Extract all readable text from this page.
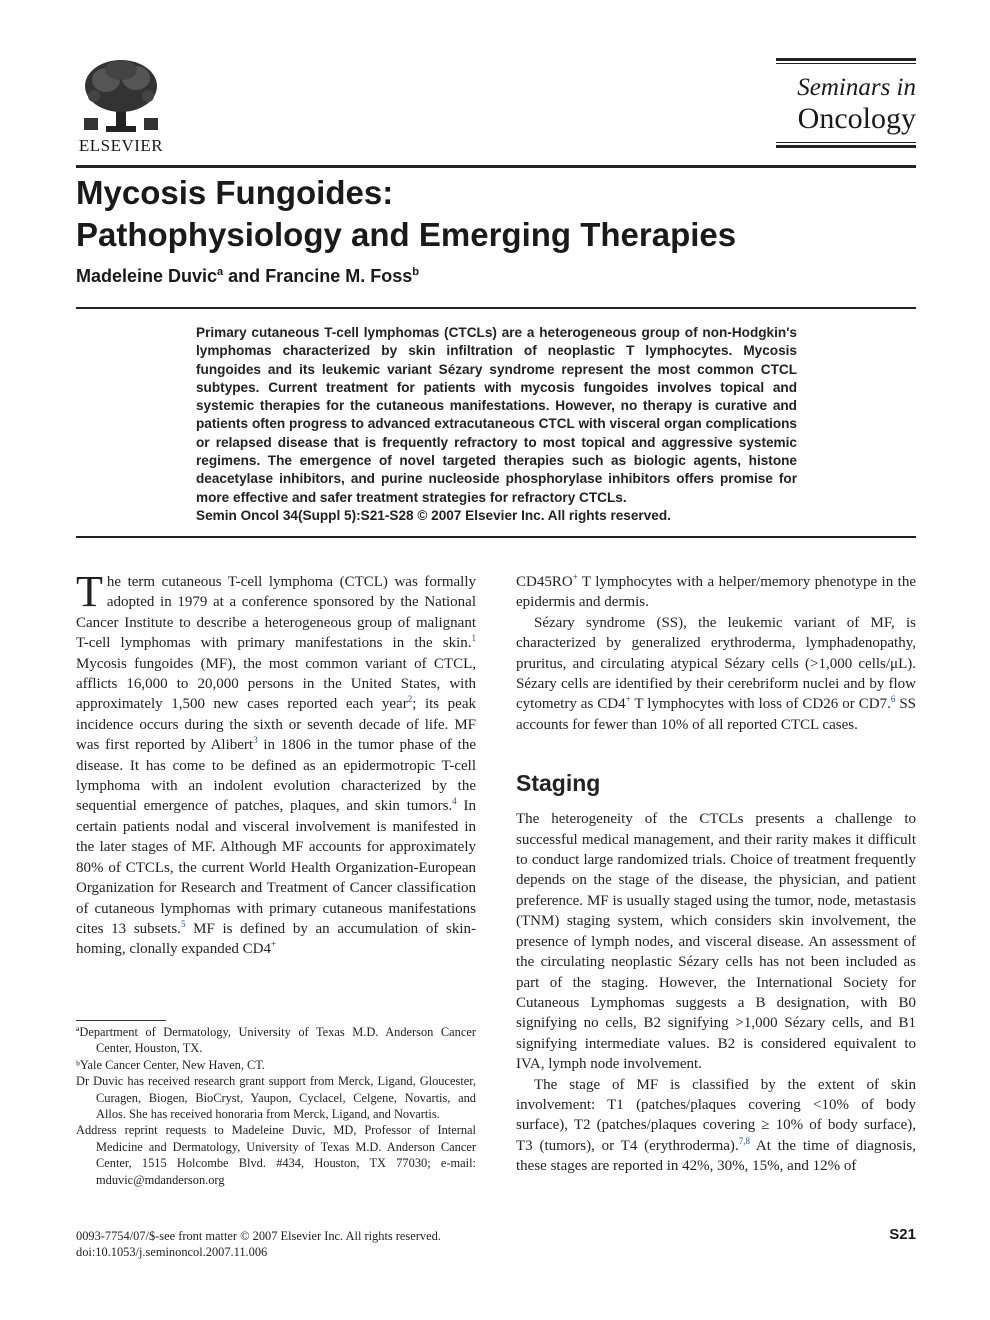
ELSEVIER
Seminars in
Oncology
Mycosis Fungoides:
Pathophysiology and Emerging Therapies
Madeleine Duvic$^a$ and Francine M. Foss$^b$
Primary cutaneous T-cell lymphomas (CTCLs) are a heterogeneous group of non-Hodgkin's lymphomas characterized by skin infiltration of neoplastic T lymphocytes. Mycosis fungoides and its leukemic variant Sézary syndrome represent the most common CTCL subtypes. Current treatment for patients with mycosis fungoides involves topical and systemic therapies for the cutaneous manifestations. However, no therapy is curative and patients often progress to advanced extracutaneous CTCL with visceral organ complications or relapsed disease that is frequently refractory to most topical and aggressive systemic regimens. The emergence of novel targeted therapies such as biologic agents, histone deacetylase inhibitors, and purine nucleoside phosphorylase inhibitors offers promise for more effective and safer treatment strategies for refractory CTCLs.
Semin Oncol 34(Suppl 5):S21-S28 © 2007 Elsevier Inc. All rights reserved.

The term cutaneous T-cell lymphoma (CTCL) was formally adopted in 1979 at a conference sponsored by the National Cancer Institute to describe a heterogeneous group of malignant T-cell lymphomas with primary manifestations in the skin.$^1$ Mycosis fungoides (MF), the most common variant of CTCL, afflicts 16,000 to 20,000 persons in the United States, with approximately 1,500 new cases reported each year$^2$; its peak incidence occurs during the sixth or seventh decade of life. MF was first reported by Alibert$^3$ in 1806 in the tumor phase of the disease. It has come to be defined as an epidermotropic T-cell lymphoma with an indolent evolution characterized by the sequential emergence of patches, plaques, and skin tumors.$^4$ In certain patients nodal and visceral involvement is manifested in the later stages of MF. Although MF accounts for approximately 80% of CTCLs, the current World Health Organization-European Organization for Research and Treatment of Cancer classification of cutaneous lymphomas with primary cutaneous manifestations cites 13 subsets.$^5$ MF is defined by an accumulation of skin-homing, clonally expanded CD4+

CD45RO+ T lymphocytes with a helper/memory phenotype in the epidermis and dermis.

Sézary syndrome (SS), the leukemic variant of MF, is characterized by generalized erythroderma, lymphadenopathy, pruritus, and circulating atypical Sézary cells (>1,000 cells/μL). Sézary cells are identified by their cerebriform nuclei and by flow cytometry as CD4+ T lymphocytes with loss of CD26 or CD7.$^6$ SS accounts for fewer than 10% of all reported CTCL cases.

Staging

The heterogeneity of the CTCLs presents a challenge to successful medical management, and their rarity makes it difficult to conduct large randomized trials. Choice of treatment frequently depends on the stage of the disease, the physician, and patient preference. MF is usually staged using the tumor, node, metastasis (TNM) staging system, which considers skin involvement, the presence of lymph nodes, and visceral disease. An assessment of the circulating neoplastic Sézary cells has not been included as part of the staging. However, the International Society for Cutaneous Lymphomas suggests a B designation, with B0 signifying no cells, B2 signifying >1,000 Sézary cells, and B1 signifying intermediate values. B2 is considered equivalent to IVA, lymph node involvement.

The stage of MF is classified by the extent of skin involvement: T1 (patches/plaques covering <10% of body surface), T2 (patches/plaques covering ≥ 10% of body surface), T3 (tumors), or T4 (erythroderma).$^{7,8}$ At the time of diagnosis, these stages are reported in 42%, 30%, 15%, and 12% of

ªDepartment of Dermatology, University of Texas M.D. Anderson Cancer Center, Houston, TX.
ᵇYale Cancer Center, New Haven, CT.
Dr Duvic has received research grant support from Merck, Ligand, Gloucester, Curagen, Biogen, BioCryst, Yaupon, Cyclacel, Celgene, Novartis, and Allos. She has received honoraria from Merck, Ligand, and Novartis.
Address reprint requests to Madeleine Duvic, MD, Professor of Internal Medicine and Dermatology, University of Texas M.D. Anderson Cancer Center, 1515 Holcombe Blvd. #434, Houston, TX 77030; e-mail: mduvic@mdanderson.org
0093-7754/07/$-see front matter © 2007 Elsevier Inc. All rights reserved.
doi:10.1053/j.seminoncol.2007.11.006
S21
